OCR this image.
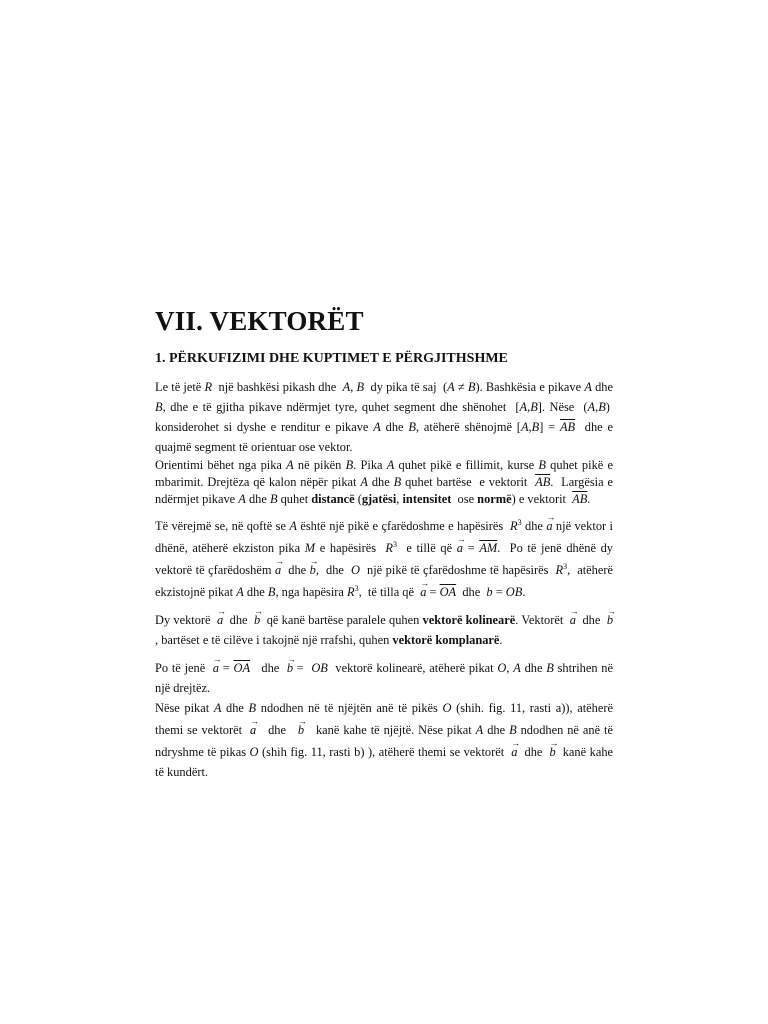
VII. VEKTORËT
1. PËRKUFIZIMI DHE KUPTIMET E PËRGJITHSHME

Le të jetë R  një bashkësi pikash dhe  A, B  dy pika të saj  (A ≠ B). Bashkësia e pikave A dhe B, dhe e të gjitha pikave ndërmjet tyre, quhet segment dhe shënohet  [A,B]. Nëse  (A,B)  konsiderohet si dyshe e renditur e pikave A dhe B, atëherë shënojmë $[A,B] = \overline{AB}$  dhe e quajmë segment të orientuar ose vektor.

Orientimi bëhet nga pika A në pikën B. Pika A quhet pikë e fillimit, kurse B quhet pikë e mbarimit. Drejtëza që kalon nëpër pikat A dhe B quhet bartëse  e vektorit  $\overline{AB}$.  Largësia e ndërmjet pikave A dhe B quhet distancë (gjatësi, intensitet  ose normë) e vektorit  $\overline{AB}$.

Të vërejmë se, në qoftë se A është një pikë e çfarëdoshme e hapësirës  $R^3$ dhe → a një vektor i dhënë, atëherë ekziston pika M e hapësirës  $R^3$  e tillë që → $a = \overline{AM}$.  Po të jenë dhënë dy vektorë të çfarëdoshëm → a  dhe → b,  dhe  O  një pikë të çfarëdoshme të hapësirës  $R^3$,  atëherë ekzistojnë pikat A dhe B, nga hapësira $R^3$,  të tilla që  → $a = \overline{OA}$  dhe  b = OB.

Dy vektorë  → a  dhe  → b  që kanë bartëse paralele quhen vektorë kolinearë. Vektorët  → a  dhe  → b, bartëset e të cilëve i takojnë një rrafshi, quhen vektorë komplanarë.

Po të jenë  → $a = \overline{OA}$   dhe  → b =  OB  vektorë kolinearë, atëherë pikat O, A dhe B shtrihen në një drejtëz.

Nëse pikat A dhe B ndodhen në të njëjtën anë të pikës O (shih. fig. 11, rasti a)), atëherë themi se vektorët  → a   dhe   → b   kanë kahe të njëjtë. Nëse pikat A dhe B ndodhen në anë të ndryshme të pikas O (shih fig. 11, rasti b) ), atëherë themi se vektorët  → a  dhe  → b  kanë kahe të kundërt.
